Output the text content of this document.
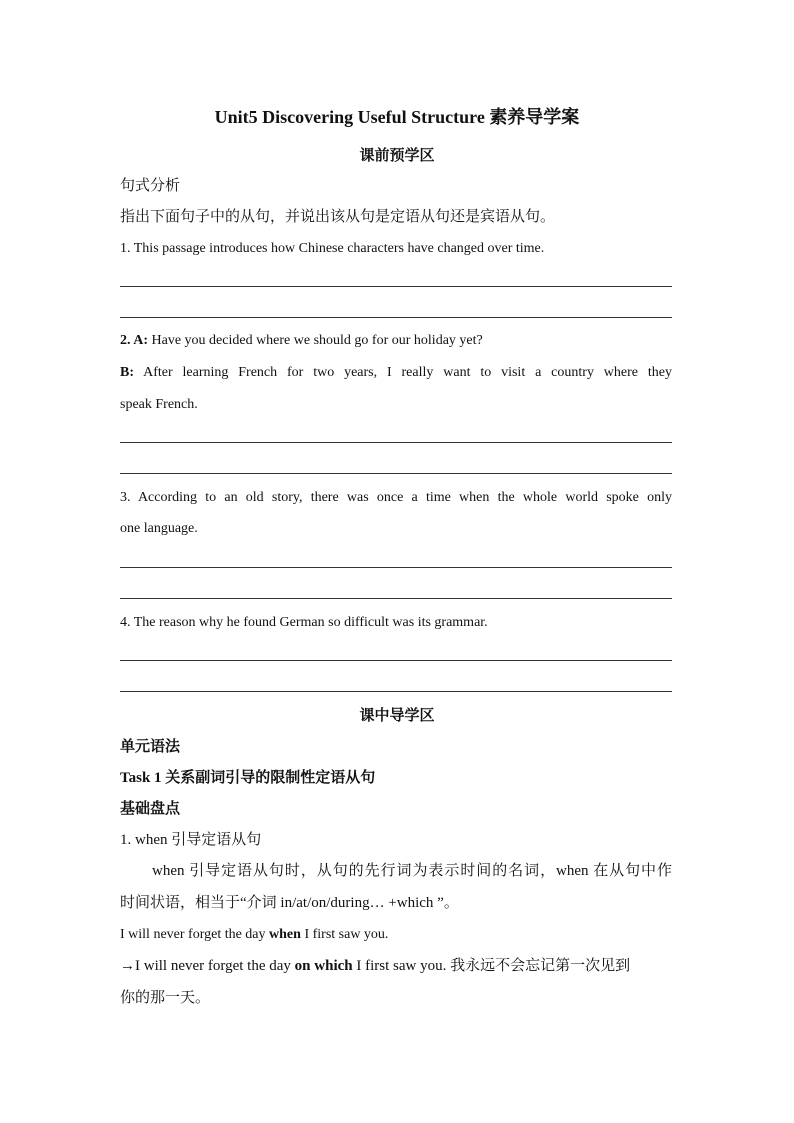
Unit5 Discovering Useful Structure 素养导学案
课前预学区
句式分析
指出下面句子中的从句，并说出该从句是定语从句还是宾语从句。
1. This passage introduces how Chinese characters have changed over time.
2. A: Have you decided where we should go for our holiday yet?
B: After learning French for two years, I really want to visit a country where they
speak French.
3. According to an old story, there was once a time when the whole world spoke only
one language.
4. The reason why he found German so difficult was its grammar.
课中导学区
单元语法
Task 1 关系副词引导的限制性定语从句
基础盘点
1. when 引导定语从句
when 引导定语从句时，从句的先行词为表示时间的名词，when 在从句中作
时间状语，相当于“介词 in/at/on/during… +which ”。
I will never forget the day when I first saw you.
→I will never forget the day on which I first saw you. 我永远不会忘记第一次见到
你的那一天。
